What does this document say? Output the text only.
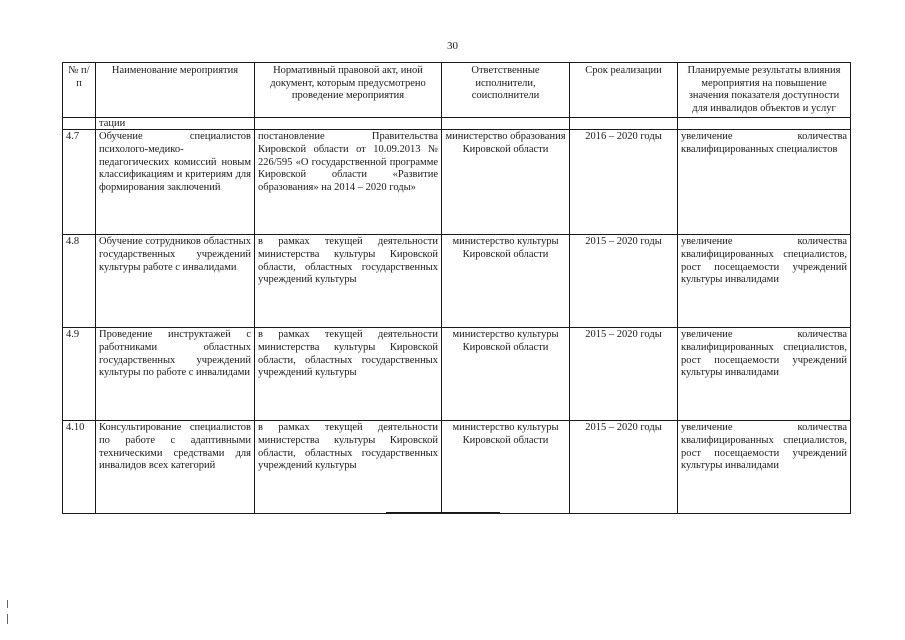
30
№ п/п	Наименование мероприятия	Нормативный правовой акт, иной документ, которым предусмотрено проведение мероприятия	Ответственные исполнители, соисполнители	Срок реализации	Планируемые результаты влияния мероприятия на повышение значения показателя доступности для инвалидов объектов и услуг
	тации				
4.7	Обучение специалистов психолого-медико-педагогических комиссий новым классификациям и критериям для формирования заключений	постановление Правительства Кировской области от 10.09.2013 № 226/595 «О государственной программе Кировской области «Развитие образования» на 2014 – 2020 годы»	министерство образования Кировской области	2016 – 2020 годы	увеличение количества квалифицированных специалистов
4.8	Обучение сотрудников областных государственных учреждений культуры работе с инвалидами	в рамках текущей деятельности министерства культуры Кировской области, областных государственных учреждений культуры	министерство культуры Кировской области	2015 – 2020 годы	увеличение количества квалифицированных специалистов, рост посещаемости учреждений культуры инвалидами
4.9	Проведение инструктажей с работниками областных государственных учреждений культуры по работе с инвалидами	в рамках текущей деятельности министерства культуры Кировской области, областных государственных учреждений культуры	министерство культуры Кировской области	2015 – 2020 годы	увеличение количества квалифицированных специалистов, рост посещаемости учреждений культуры инвалидами
4.10	Консультирование специалистов по работе с адаптивными техническими средствами для инвалидов всех категорий	в рамках текущей деятельности министерства культуры Кировской области, областных государственных учреждений культуры	министерство культуры Кировской области	2015 – 2020 годы	увеличение количества квалифицированных специалистов, рост посещаемости учреждений культуры инвалидами
